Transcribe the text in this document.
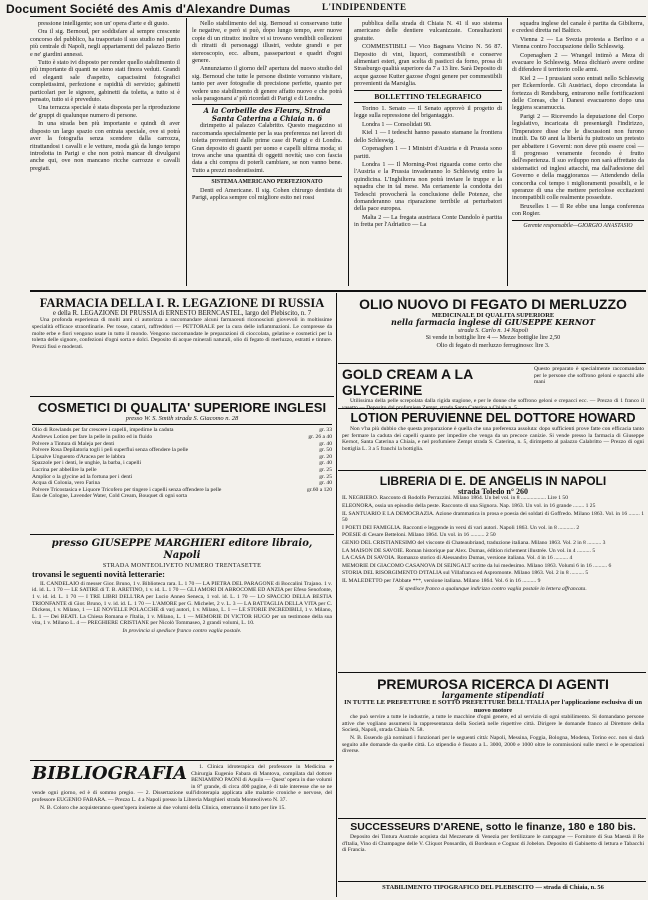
Document Société des Amis d'Alexandre Dumas	L'INDIPENDENTE

pressione intelligente; son un' opera d'arte e di gusto.

Ora il sig. Bernoud, per soddisfare al sempre crescente concorso del pubblico, ha trasportato il suo studio nel punto più centrale di Napoli, negli appartamenti del palazzo Berio e ne' giardini annessi.

Tutto è stato ivi disposto per render quello stabilimento il più importante di quanti ne sieno stati finora veduti. Grandi ed eleganti sale d'aspetto, capacissimi fotografici completissimi, perfezione e rapidità di servizio; gabinetti particolari per le signore, gabinetti da toletta, a tutto si è pensato, tutto si è preveduto.

Una terrazza speciale è stata disposta per la riproduzione de' gruppi di qualunque numero di persone.

In una strada ben più importante e quindi di aver disposto un largo spazio con entrata speciale, ove si potrà aver la fotografia senza scendere dalla carrozza, ritrattandosi i cavalli e le vetture, moda già da lungo tempo introdotta in Parigi e che non potrà mancar di divulgarsi anche qui, ove non mancano ricche carrozze e cavalli pregiati.

Nello stabilimento del sig. Bernoud si conservano tutte le negative, e però si può, dopo lungo tempo, aver nuove copie di un ritratto: inoltre vi si trovano vendibili collezioni di ritratti di personaggi illustri, vedute grandi e per stereoscopio, ecc. album, passepartout e quadri d'ogni genere.

Annunziamo il giorno dell' apertura del nuovo studio del sig. Bernoud che tutte le persone distinte vorranno visitare, tanto per aver fotografie di precisione perfette, quanto per vedere uno stabilimento di genere affatto nuovo e che potrà sola paragonarsi a' più ricordati di Parigi e di Londra.

A la Corbeille des Fleurs, Strada Santa Caterina a Chiaia n. 6

dirimpetto al palazzo Calabritto. Questo magazzino si raccomanda specialmente per la sua preferenza nei lavori di toletta provenienti dalle prime case di Parigi e di Londra. Gran deposito di guanti per uomo e capelli ultima moda; si trova anche una quantità di oggetti novità; uso con fascia data a chi compra di poterli cambiare, se non vanno bene. Tutto a prezzi moderatissimi.

SISTEMA AMERICANO PERFEZIONATO

Denti ed Americane. Il sig. Cohen chirurgo dentista di Parigi, applica sempre col migliore esito nei rossi

pubblica della strada di Chiaia N. 41 il suo sistema americano delle dentiere vulcanizzate. Consultazioni gratuite.

COMMESTIBILI — Vico Bagnara Vicino N. 56 87. Deposito di vini, liquori, commestibili e conserve alimentari esteri, gran scelta di pasticci da forno, prosa di Strasburgo qualità superiore da 7 a 13 lire. Sarà Deposito di acque gazose Kutter gazose d'ogni genere per commestibili provenienti da Marsiglia.

BOLLETTINO TELEGRAFICO

Torino 1. Senato — Il Senato approvò il progetto di legge sulla repressione del brigantaggio.

Londra 1 — Consolidati 90.

Kiel 1 — I tedeschi hanno passato stamane la frontiera dello Schleswig.

Copenaghen 1 — I Ministri d'Austria e di Prussia sono partiti.

Londra 1 — Il Morning-Post riguarda come certo che l'Austria e la Prussia invaderanno lo Schleswig entro la quindicina. L'Inghilterra non potrà inviare le truppe e la squadra che in tal mese. Ma certamente la condotta dei Tedeschi provocherà la conclusione delle Potenze, che domanderanno una riparazione terribile ai perturbatori della pace europea.

Malta 2 — La fregata austriaca Conte Dandolo è partita in fretta per l'Adriatico — La

squadra inglese del canale è partita da Gibilterra, e credesi diretta nel Baltico.

Vienna 2 — La Svezia protesta a Berlino e a Vienna contro l'occupazione dello Schleswig.

Copenaghen 2 — Wrangel intimò a Meza di evacuare lo Schleswig. Meza dichiarò avere ordine di difendere il territorio colle armi.

Kiel 2 — I prussiani sono entrati nello Schleswig per Eckernforde. Gli Austriaci, dopo circondata la fortezza di Rendsburg, entrarono nelle fortificazioni delle Coreas, che i Danesi evacuarono dopo una leggiera scaramuccia.

Parigi 2 — Ricevendo la deputazione del Corpo legislativo, incaricata di presentargli l'indirizzo, l'Imperatore disse che le discussioni non furono inutili. Da 60 anni la libertà fu piuttosto un pretesto per abbattere i Governi: non deve più essere così — Il progresso veramente fecondo è frutto dell'esperienza. Il suo sviluppo non sarà affrettato da sistematici od inglesi attacchi, ma dall'adesione del Governo e della maggioranza — Attendendo della concordia col tempo i miglioramenti possibili, e le speranze di una che mettere pericolose eccitazioni incompatibili colle realmente possedute.

Bruxelles 1 — Il Re ebbe una lunga conferenza con Rogier.

Gerente responsabile—GIORGIO ANASTASIO
FARMACIA DELLA I. R. LEGAZIONE DI RUSSIA
e della R. LEGAZIONE DI PRUSSIA di ERNESTO BERNCASTEL, largo del Plebiscito, n. 7

Una profonda esperienza di molti anni ci autorizza a raccomandare alcuni farmaceuti riconosciuti giovevoli in moltissime specialità efficace straordinarie. Per tosse, catarri, raffreddori — PETTORALE per la cura delle infiammazioni. Le compresse da molte erbe e fiori vengono usate in tutto il mondo. Vengono raccomandate le preparazioni di cioccolata, gelatine e cosmetici per la toletta delle signore, confezioni d'ogni sorta e dolci. Deposito di acque minerali naturali, olio di fegato di merluzzo, estratti e tinture. Prezzi fissi e moderati.

COSMETICI DI QUALITA' SUPERIORE INGLESI
presso W. S. Smith strada S. Giacomo n. 28
Olio di Rowlands per far crescere i capelli, impedirne la caduta	gr. 33
Andrews Lotion per fare la pelle in pulito ed in fluido	gr. 26 a 40
Polvere a Tintura di Maleja per denti	gr. 40
Polvere Rosa Depilatoria togli i peli superflui senza offendere la pelle	gr. 50
Lipsalve Unguento d'Aracea per le labbra	gr. 20
Spazzole per i denti, le unghie, la barba, i capelli	gr. 40
Lucrina per abbellire la pelle	gr. 25
Amplior o la glycine ad la fortuna per i denti	gr. 25
Acqua di Colonia, vero Farina	gr. 40
Polvere Tricostasica e Liquore Tricofero per tingere i capelli senza offendere la pelle	gr.60 a 120
Eau de Cologne, Lavender Water, Cold Cream, Bouquet di ogni sorta
presso GIUSEPPE MARGHIERI editore libraio, Napoli
STRADA MONTEOLIVETO NUMERO TRENTASETTE
trovansi le seguenti novità letterarie:

IL CANDELAIO di messer Gior. Bruno, 1 v. Biblioteca rara. L. 1 70 — LA PIETRA DEL PARAGONE di Boccalini Trajano. 1 v. id. id. L. 1 70 — LE SATIRE di T. B. ARETINO, 1 v. id. L. 1 70 — GLI AMORI DI ABROCOME ED ANZIA per Efeso Senofonte, 1 v. id. id. L. 1 70 — I TRE LIBRI DELL'IRA per Lucio Anneo Seneca, 1 vol. id. L. 1 70 — LO SPACCIO DELLA BESTIA TRIONFANTE di Gior. Bruno, 1 v. id. id. L. 1 70 — L'AMORE per G. Michelet, 2 v. L. 3 — LA BATTAGLIA DELLA VITA per C. Dickens, 1 v. Milano, 1 — LE NOVELLE POLACCHE di varj autori, 1 v. Milano, L. 1 — LE STORIE INCREDIBILI, 1 v. Milano, L. 1 — Dei BEATI. La Chiesa Romana e l'Italia, 1 v. Milano, L. 1 — MEMORIE DI VICTOR HUGO per un testimone della sua vita, 1 v. Milano L. 4 — PREGHIERE CRISTIANE per Nicolò Tommaseo, 2 grandi volumi, L. 10.

In provincia si spedisce franco contro vaglia postale.
BIBLIOGRAFIA	1. Clinica idroterapica del professore in Medicina e Chirurgia Eugenio Fabara di Mantova, compilata dal dottore BENIAMINO PAONI di Aquila — Quest' opera in due volumi in 8° grande, di circa 400 pagine, è di tale interesse che se ne vende ogni giorno, ed è di sommo pregio. — 2. Dissertazione sull'idroterapia applicata alle malattie croniche e nervose, del professore EUGENIO FABARA. — Prezzo L. 4 a Napoli presso la Libreria Marghieri strada Monteoliveto N. 37.

N. B. Coloro che acquisteranno quest'opera insieme ai due volumi della Clinica, otterranno il tutto per lire 15.

OLIO NUOVO DI FEGATO DI MERLUZZO
MEDICINALE DI QUALITA SUPERIORE
nella farmacia inglese di GIUSEPPE KERNOT
strada S. Carlo n. 14 Napoli
Si vende in bottiglie lire 4 — Mezze bottiglie lire 2,50
Olio di fegato di merluzzo ferruginoso: lire 3.
GOLD CREAM A LA GLYCERINE
Questo preparato è specialmente raccomandato per le persone che soffrono geloni e spacchi alle mani

Utilissima della pelle screpolata dalla rigida stagione, e per le donne che soffrono geloni e crepacci ecc. — Prezzo di 1 franco il

LOTION PERUVIENNE DEL DOTTORE HOWARD

Non v'ha più dubbio che questa preparazione è quella che una preferenza assoluta: dopo sufficienti prove fatte con efficacia tanto per fermare la caduta dei capelli quanto per impedire che venga da un precoce canizie. Si vende presso la farmacia di Giuseppe Kernot, Santa Caterina a Chiaia, e nel profumiere Zempt strada S. Caterina, n. 5, dirimpetto al palazzo Calabritto — Prezzo di ogni bottiglia L. 3 a 5 franchi la bottiglia.

LIBRERIA DI E. DE ANGELIS IN NAPOLI
strada Toledo n° 260
IL NEGRIERO. Racconto di Rodolfo Perrazzini. Milano 1864. Un bel vol. in 8 .................. Lire 1 50
ELEONORA, ossia un episodio della peste. Racconto di una Signora. Nap. 1863. Un vol. in 16 grande ........ 1 25
IL SANTUARIO E LA DEMOCRAZIA. Azione drammatica in prosa e poesia dei soldati di Goffredo. Milano 1863. Vol. in 16 ........ 1 50
I POETI DEI FAMIGLIA. Racconti e leggende in versi di vari autori. Napoli 1863. Un vol. in 8 ............ 2
POESIE di Cesare Betteloni. Milano 1864. Un vol. in 16 .......... 2 50
GENIO DEL CRISTIANESIMO del visconte di Chateaubriand, traduzione italiana. Milano 1863. Vol. 2 in 8 .......... 3
LA MAISON DE SAVOIE. Roman historique par Alex. Dumas, édition richement illustrée. Un vol. in 4 .......... 5
LA CASA DI SAVOIA. Romanzo storico di Alessandro Dumas, versione italiana. Vol. 4 in 16 .......... 4
MEMORIE DI GIACOMO CASANOVA DI SEINGALT scritte da lui medesimo. Milano 1863. Volumi 6 in 16 .......... 6
STORIA DEL RISORGIMENTO D'ITALIA sul Villafranca ed Aspromonte. Milano 1863. Vol. 2 in 8 .......... 5
IL MALEDETTO per l'Abbate ***, versione italiana. Milano 1864. Vol. 6 in 16 .......... 9
Si spedisce franco a qualunque indirizzo contro vaglia postale in lettera affrancata.
PREMUROSA RICERCA DI AGENTI
largamente stipendiati
IN TUTTE LE PREFETTURE E SOTTO PREFETTURE DELL'ITALIA per l'applicazione esclusiva di un nuovo motore

che può servire a tutte le industrie, a tutte le macchine d'ogni genere, ed al servizio di ogni stabilimento. Si domandano persone attive che vogliano assumersi la rappresentanza della Società nelle rispettive città. Dirigere le domande franco al Direttore della Società, Napoli, strada Chiaia N. 58.

N. B. Essendo già nominati i funzionari per le seguenti città: Napoli, Messina, Foggia, Bologna, Modena, Torino ecc. non si darà seguito alle domande da quelle città. Lo stipendio è fissato a L. 3000, 2000 e 1000 oltre le commissioni sulle merci e le operazioni diverse.

SUCCESSEURS D'ARENE, sotto le finanze, 180 e 180 bis.

Deposito dei Tintura Australe acquista dal Mezzenate di Venezia per fertilizzare le campagne — Fornitore di Sua Maestà il Re d'Italia, Vino di Champagne delle V. Cliquot Ponsardin, di Bordeaux e Cognac di Jobelon. Deposito di Gabinetto di lettura e Tabacchi di Francia.

STABILIMENTO TIPOGRAFICO DEL PLEBISCITO — strada di Chiaia, n. 56
